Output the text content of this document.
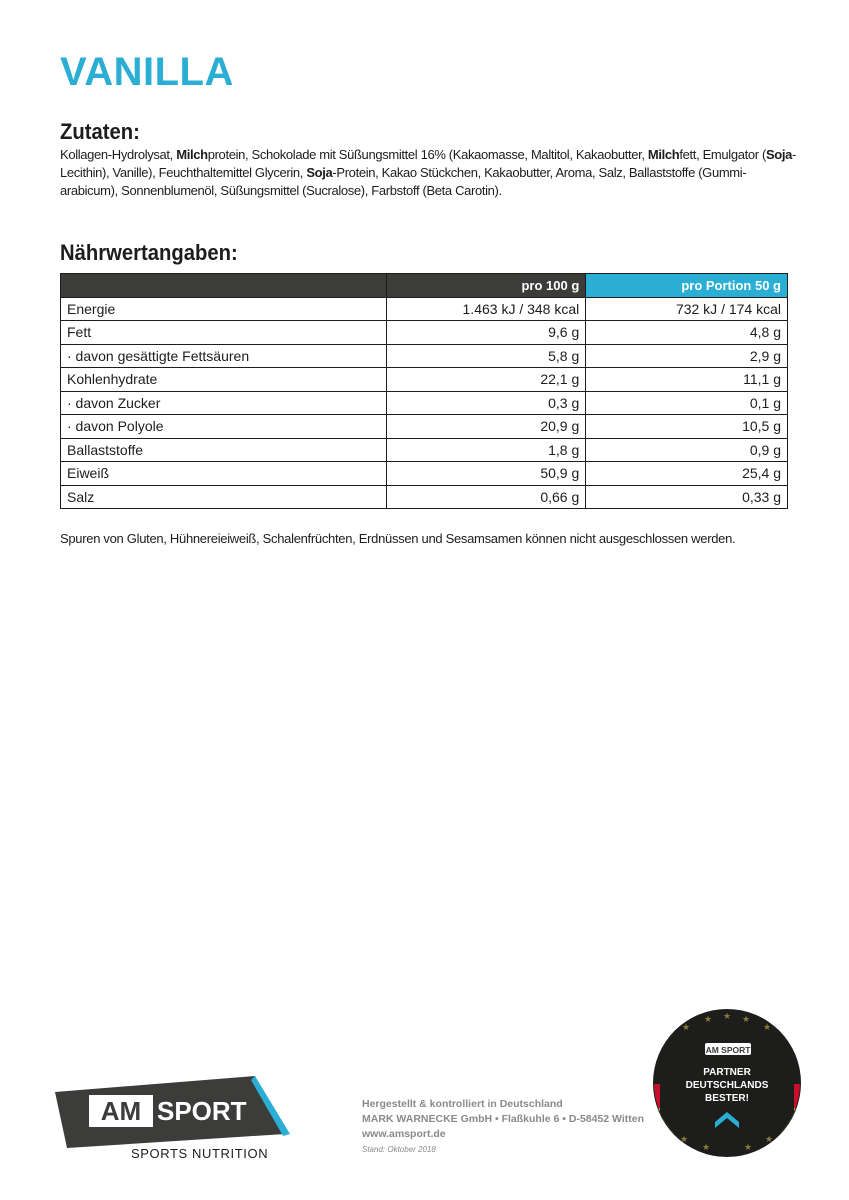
VANILLA
Zutaten:

Kollagen-Hydrolysat, Milchprotein, Schokolade mit Süßungsmittel 16% (Kakaomasse, Maltitol, Kakaobutter, Milchfett, Emulgator (Soja-Lecithin), Vanille), Feuchthaltemittel Glycerin, Soja-Protein, Kakao Stückchen, Kakaobutter, Aroma, Salz, Ballaststoffe (Gummi-arabicum), Sonnenblumenöl, Süßungsmittel (Sucralose), Farbstoff (Beta Carotin).

Nährwertangaben:
	pro 100 g	pro Portion 50 g
Energie	1.463 kJ / 348 kcal	732 kJ / 174 kcal
Fett	9,6 g	4,8 g
· davon gesättigte Fettsäuren	5,8 g	2,9 g
Kohlenhydrate	22,1 g	11,1 g
· davon Zucker	0,3 g	0,1 g
· davon Polyole	20,9 g	10,5 g
Ballaststoffe	1,8 g	0,9 g
Eiweiß	50,9 g	25,4 g
Salz	0,66 g	0,33 g

Spuren von Gluten, Hühnereieiweiß, Schalenfrüchten, Erdnüssen und Sesamsamen können nicht ausgeschlossen werden.

AM SPORT
SPORTS NUTRITION
Hergestellt & kontrolliert in Deutschland
MARK WARNECKE GmbH • Flaßkuhle 6 • D-58452 Witten
www.amsport.de
Stand: Oktober 2018
★
★ ★ ★
★
AM SPORT
PARTNER
DEUTSCHLANDS
BESTER!
★
★	★
★
